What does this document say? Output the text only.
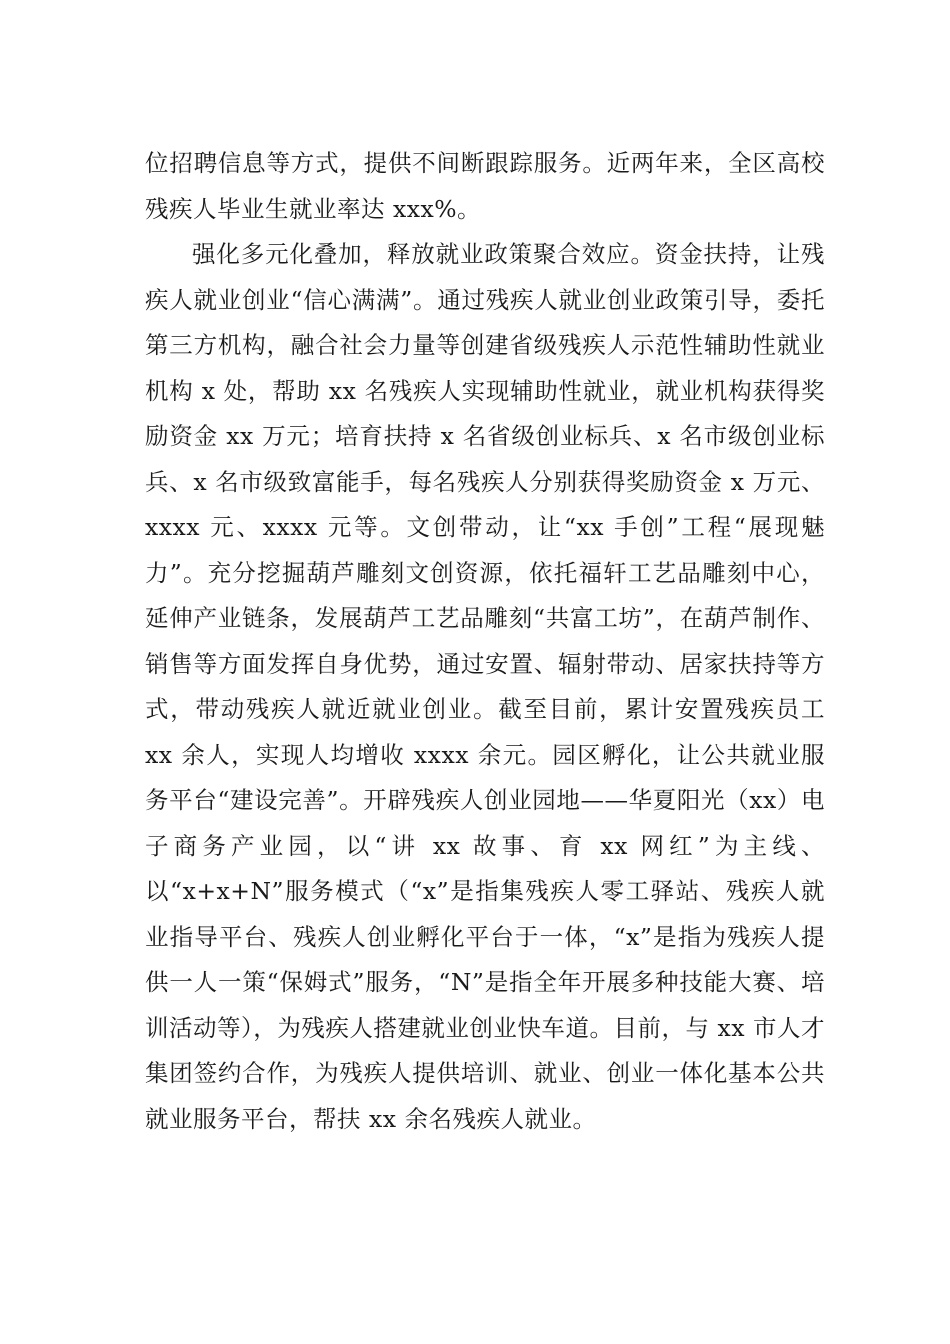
位招聘信息等方式，提供不间断跟踪服务。近两年来，全区高校残疾人毕业生就业率达 xxx%。

强化多元化叠加，释放就业政策聚合效应。资金扶持，让残疾人就业创业“信心满满”。通过残疾人就业创业政策引导，委托第三方机构，融合社会力量等创建省级残疾人示范性辅助性就业机构 x 处，帮助 xx 名残疾人实现辅助性就业，就业机构获得奖励资金 xx 万元；培育扶持 x 名省级创业标兵、x 名市级创业标兵、x 名市级致富能手，每名残疾人分别获得奖励资金 x 万元、xxxx 元、xxxx 元等。文创带动，让“xx 手创”工程“展现魅力”。充分挖掘葫芦雕刻文创资源，依托福轩工艺品雕刻中心，延伸产业链条，发展葫芦工艺品雕刻“共富工坊”，在葫芦制作、销售等方面发挥自身优势，通过安置、辐射带动、居家扶持等方式，带动残疾人就近就业创业。截至目前，累计安置残疾员工 xx 余人，实现人均增收 xxxx 余元。园区孵化，让公共就业服务平台“建设完善”。开辟残疾人创业园地——华夏阳光（xx）电子商务产业园，以“讲 xx 故事、育 xx 网红”为主线、以“x+x+N”服务模式（“x”是指集残疾人零工驿站、残疾人就业指导平台、残疾人创业孵化平台于一体，“x”是指为残疾人提供一人一策“保姆式”服务，“N”是指全年开展多种技能大赛、培训活动等），为残疾人搭建就业创业快车道。目前，与 xx 市人才集团签约合作，为残疾人提供培训、就业、创业一体化基本公共就业服务平台，帮扶 xx 余名残疾人就业。
